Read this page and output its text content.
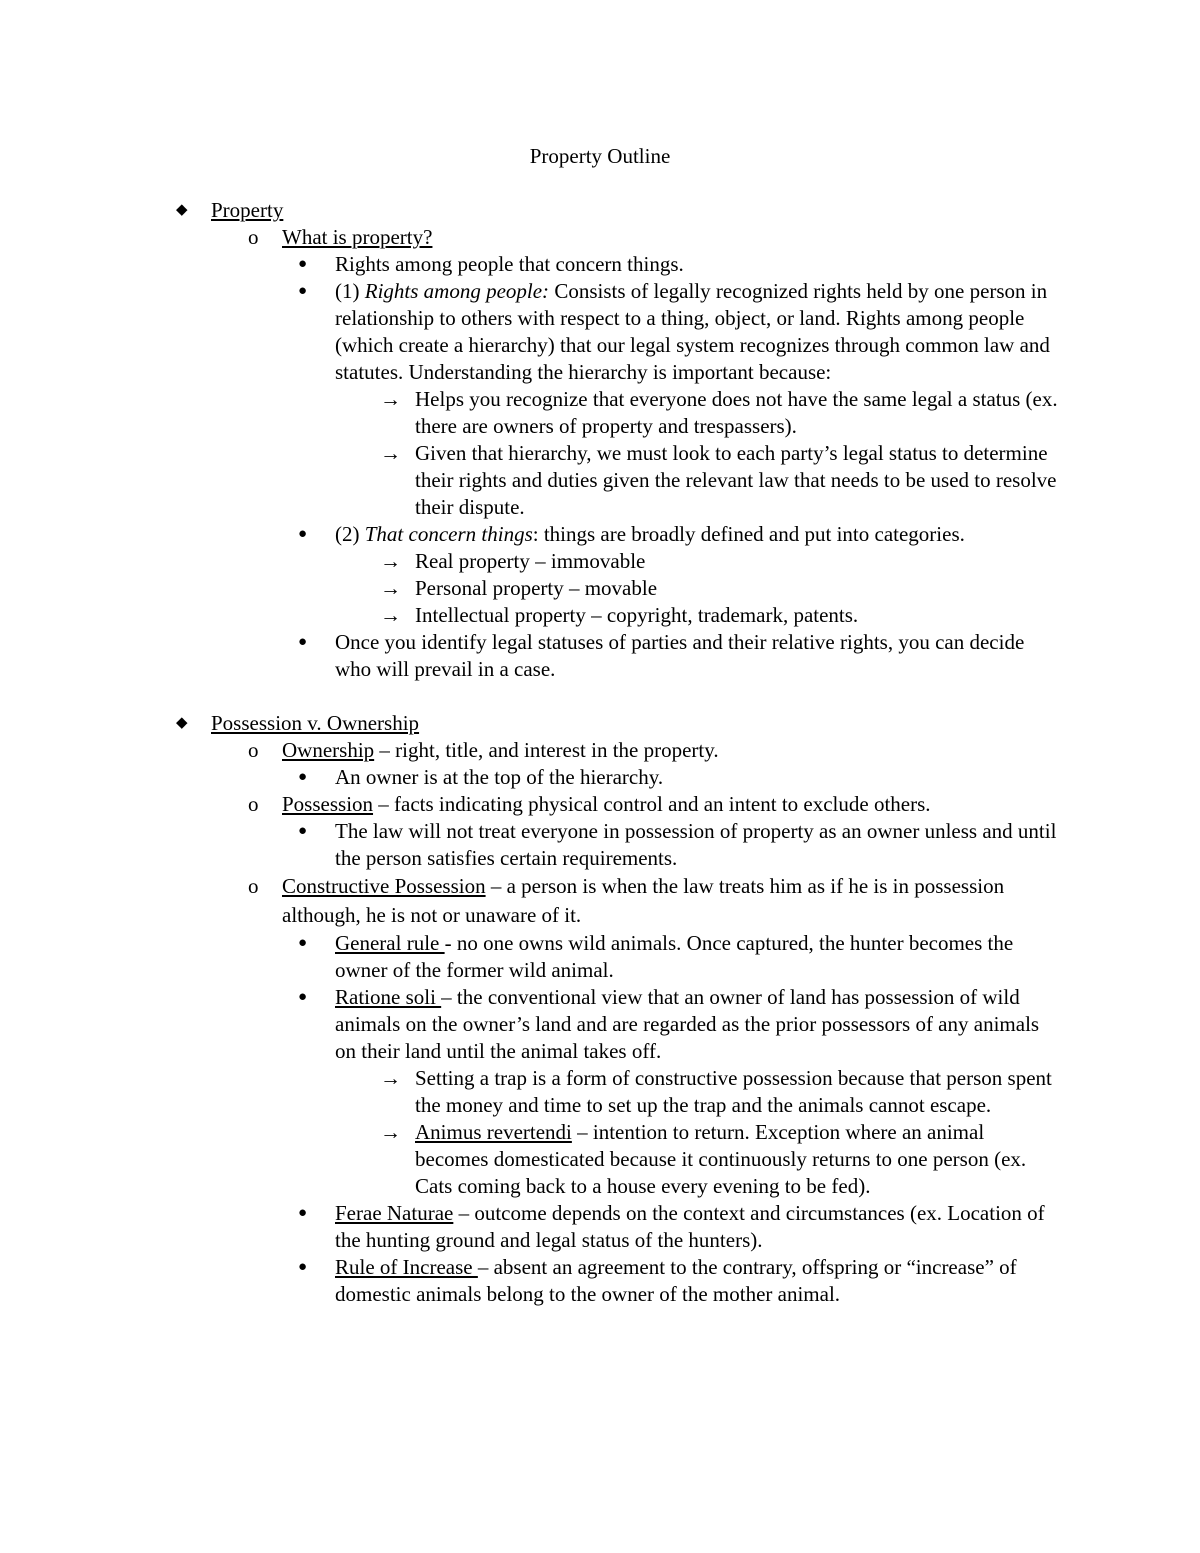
Property Outline
◆ Property
o What is property?
● Rights among people that concern things.
● (1) Rights among people: Consists of legally recognized rights held by one person in relationship to others with respect to a thing, object, or land. Rights among people (which create a hierarchy) that our legal system recognizes through common law and statutes. Understanding the hierarchy is important because:
→ Helps you recognize that everyone does not have the same legal a status (ex. there are owners of property and trespassers).
→ Given that hierarchy, we must look to each party’s legal status to determine their rights and duties given the relevant law that needs to be used to resolve their dispute.
● (2) That concern things: things are broadly defined and put into categories.
→ Real property – immovable
→ Personal property – movable
→ Intellectual property – copyright, trademark, patents.
● Once you identify legal statuses of parties and their relative rights, you can decide who will prevail in a case.
◆ Possession v. Ownership
o Ownership – right, title, and interest in the property.
● An owner is at the top of the hierarchy.
o Possession – facts indicating physical control and an intent to exclude others.
● The law will not treat everyone in possession of property as an owner unless and until the person satisfies certain requirements.
o Constructive Possession – a person is when the law treats him as if he is in possession although, he is not or unaware of it.
● General rule - no one owns wild animals. Once captured, the hunter becomes the owner of the former wild animal.
● Ratione soli – the conventional view that an owner of land has possession of wild animals on the owner’s land and are regarded as the prior possessors of any animals on their land until the animal takes off.
→ Setting a trap is a form of constructive possession because that person spent the money and time to set up the trap and the animals cannot escape.
→ Animus revertendi – intention to return. Exception where an animal becomes domesticated because it continuously returns to one person (ex. Cats coming back to a house every evening to be fed).
● Ferae Naturae – outcome depends on the context and circumstances (ex. Location of the hunting ground and legal status of the hunters).
● Rule of Increase – absent an agreement to the contrary, offspring or “increase” of domestic animals belong to the owner of the mother animal.
